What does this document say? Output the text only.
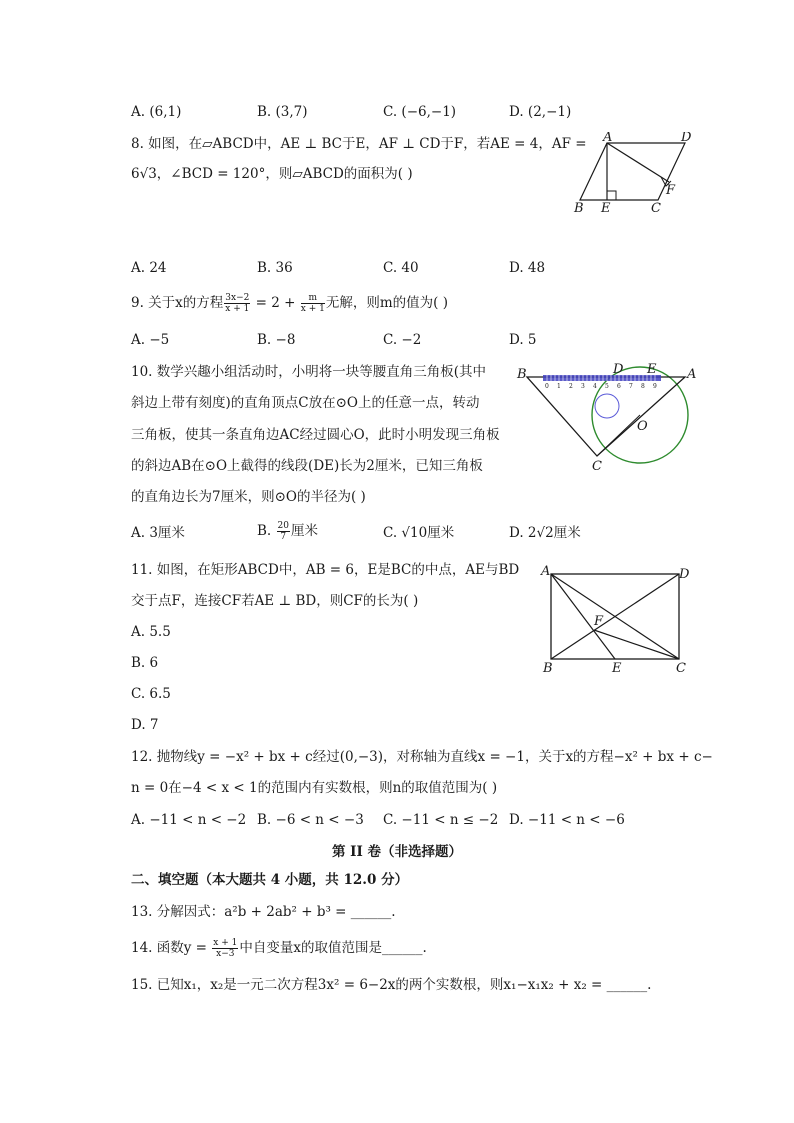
A. (6,1)	B. (3,7)	C. (−6,−1)	D. (2,−1)
8. 如图，在▱ABCD中，AE ⊥ BC于E，AF ⊥ CD于F，若AE = 4，AF =
6√3，∠BCD = 120°，则▱ABCD的面积为( )
A	D
B E	C
F
A. 24	B. 36	C. 40	D. 48
9. 关于x的方程 $\frac{3x-2}{x + 1} = 2 + \frac{m}{x + 1}$ 无解，则m的值为( )
A. −5	B. −8	C. −2	D. 5
10. 数学兴趣小组活动时，小明将一块等腰直角三角板(其中
斜边上带有刻度)的直角顶点C放在⊙O上的任意一点，转动
三角板，使其一条直角边AC经过圆心O，此时小明发现三角板
的斜边AB在⊙O上截得的线段(DE)长为2厘米，已知三角板
的直角边长为7厘米，则⊙O的半径为( )
0 1 2 3 4 5 6 7 8 9
B	D E A
O
C
A. 3厘米	B. $\frac{20}{7}$ 厘米	C. √10厘米	D. 2√2厘米
11. 如图，在矩形ABCD中，AB = 6，E是BC的中点，AE与BD
交于点F，连接CF若AE ⊥ BD，则CF的长为( )
A. 5.5
B. 6
C. 6.5
D. 7
A	D
F
B	E	C
12. 抛物线y = −x² + bx + c经过(0,−3)，对称轴为直线x = −1，关于x的方程−x² + bx + c−
n = 0在−4 < x < 1的范围内有实数根，则n的取值范围为( )
A. −11 < n < −2 B. −6 < n < −3 C. −11 < n ≤ −2 D. −11 < n < −6
第 II 卷（非选择题）
二、填空题（本大题共 4 小题，共 12.0 分）
13. 分解因式：a²b + 2ab² + b³ = ______.
14. 函数$y = \frac{x + 1}{x-3}$ 中自变量x的取值范围是______.
15. 已知x₁，x₂是一元二次方程3x² = 6−2x的两个实数根，则x₁−x₁x₂ + x₂ = ______.
